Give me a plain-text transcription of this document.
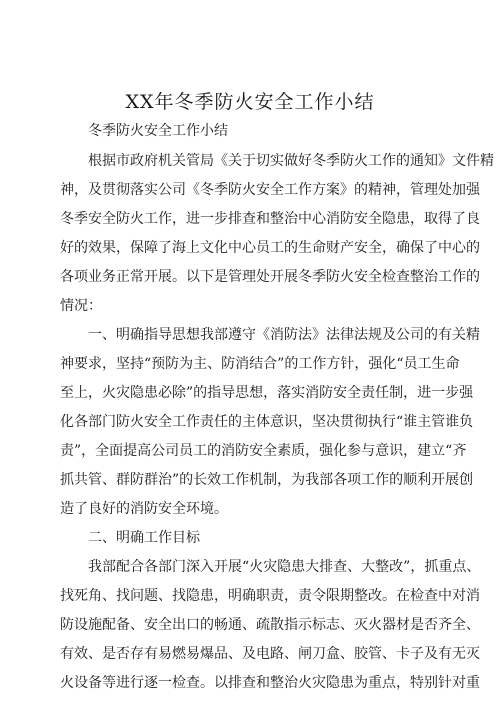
XX年冬季防火安全工作小结
冬季防火安全工作小结
根据市政府机关管局《关于切实做好冬季防火工作的通知》文件精
神，及贯彻落实公司《冬季防火安全工作方案》的精神，管理处加强
冬季安全防火工作，进一步排查和整治中心消防安全隐患，取得了良
好的效果，保障了海上文化中心员工的生命财产安全，确保了中心的
各项业务正常开展。以下是管理处开展冬季防火安全检查整治工作的
情况：
一、明确指导思想我部遵守《消防法》法律法规及公司的有关精
神要求，坚持“预防为主、防消结合”的工作方针，强化“员工生命
至上，火灾隐患必除”的指导思想，落实消防安全责任制，进一步强
化各部门防火安全工作责任的主体意识，坚决贯彻执行“谁主管谁负
责”，全面提高公司员工的消防安全素质，强化参与意识，建立“齐
抓共管、群防群治”的长效工作机制，为我部各项工作的顺利开展创
造了良好的消防安全环境。
二、明确工作目标
我部配合各部门深入开展“火灾隐患大排查、大整改”，抓重点、
找死角、找问题、找隐患，明确职责，责令限期整改。在检查中对消
防设施配备、安全出口的畅通、疏散指示标志、灭火器材是否齐全、
有效、是否存有易燃易爆品、及电路、闸刀盒、胶管、卡子及有无灭
火设备等进行逐一检查。以排查和整治火灾隐患为重点，特别针对重
